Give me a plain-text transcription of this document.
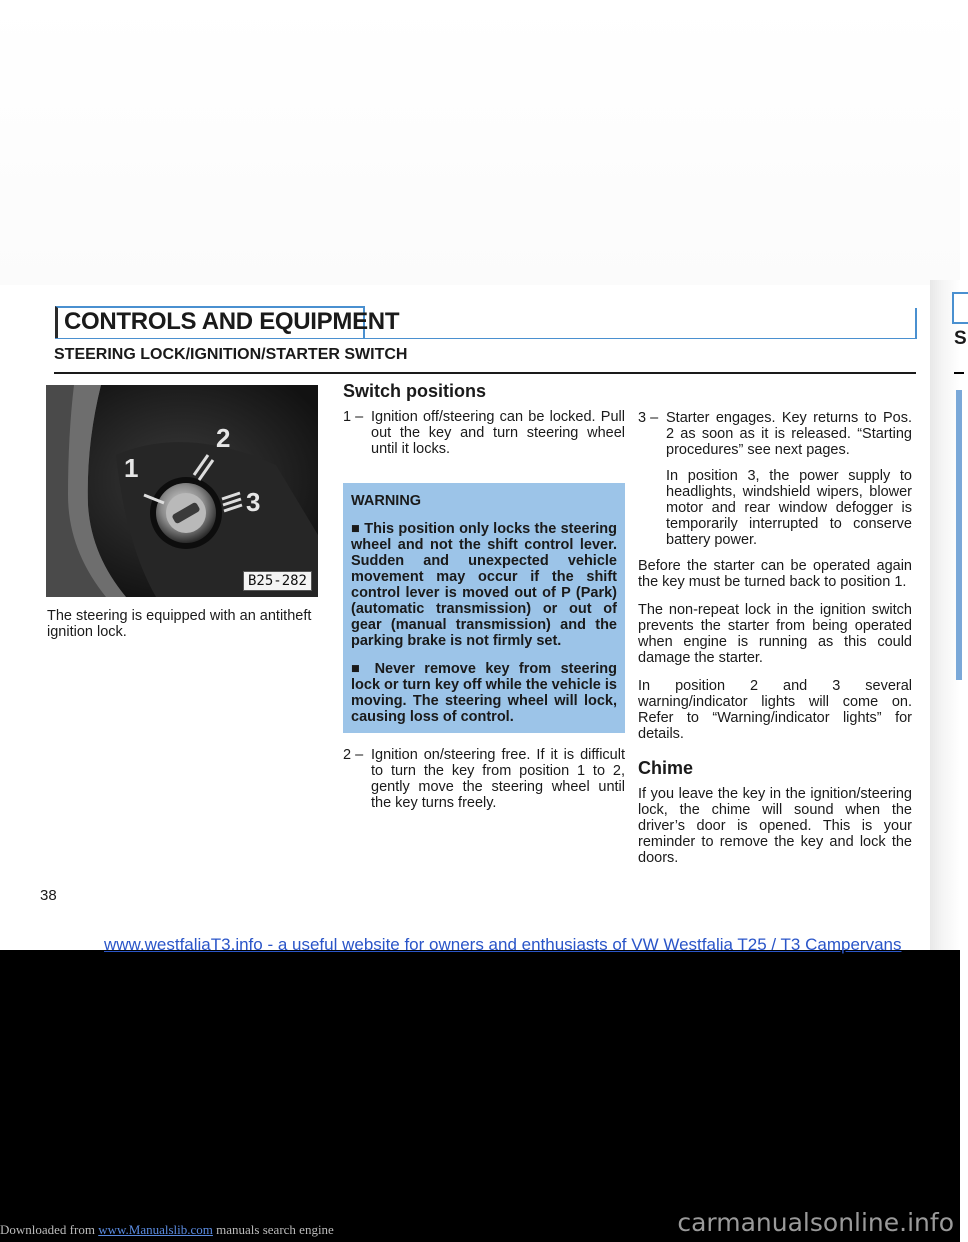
S
CONTROLS AND EQUIPMENT
STEERING LOCK/IGNITION/STARTER SWITCH
1
2
3
B25-282
The steering is equipped with an antitheft ignition lock.
Switch positions
1 – Ignition off/steering can be locked. Pull out the key and turn steering wheel until it locks.

WARNING

■ This position only locks the steering wheel and not the shift control lever. Sudden and unexpected vehicle movement may occur if the shift control lever is moved out of P (Park) (automatic transmission) or out of gear (manual transmission) and the parking brake is not firmly set.

■ Never remove key from steering lock or turn key off while the vehicle is moving. The steering wheel will lock, causing loss of control.

2 – Ignition on/steering free. If it is difficult to turn the key from position 1 to 2, gently move the steering wheel until the key turns freely.

3 – Starter engages. Key returns to Pos. 2 as soon as it is released. “Starting procedures” see next pages.

In position 3, the power supply to headlights, windshield wipers, blower motor and rear window defogger is temporarily interrupted to conserve battery power.

Before the starter can be operated again the key must be turned back to position 1.

The non-repeat lock in the ignition switch prevents the starter from being operated when engine is running as this could damage the starter.

In position 2 and 3 several warning/indicator lights will come on. Refer to “Warning/indicator lights” for details.

Chime

If you leave the key in the ignition/steering lock, the chime will sound when the driver’s door is opened. This is your reminder to remove the key and lock the doors.

38
www.westfaliaT3.info - a useful website for owners and enthusiasts of VW Westfalia T25 / T3 Campervans
Downloaded from www.Manualslib.com manuals search engine	carmanualsonline.info
